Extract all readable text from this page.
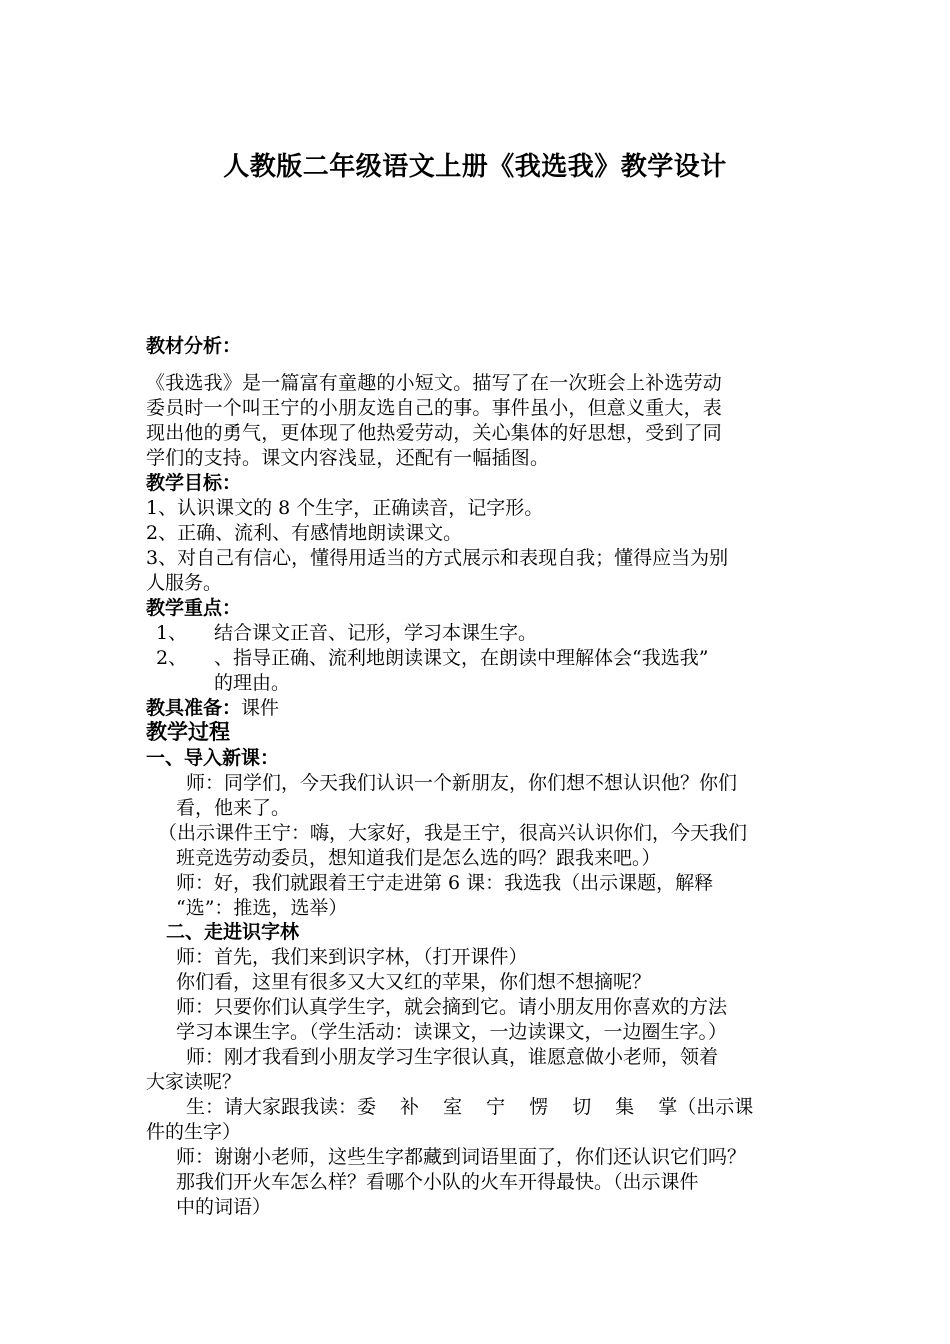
人教版二年级语文上册《我选我》教学设计
教材分析：
《我选我》是一篇富有童趣的小短文。描写了在一次班会上补选劳动
委员时一个叫王宁的小朋友选自己的事。事件虽小，但意义重大，表
现出他的勇气，更体现了他热爱劳动，关心集体的好思想，受到了同
学们的支持。课文内容浅显，还配有一幅插图。
教学目标：
1、认识课文的 8 个生字，正确读音，记字形。
2、正确、流利、有感情地朗读课文。
3、对自己有信心，懂得用适当的方式展示和表现自我；懂得应当为别
人服务。
教学重点：
1、 结合课文正音、记形，学习本课生字。
2、 、指导正确、流利地朗读课文，在朗读中理解体会“我选我”
的理由。
教具准备：课件
教学过程
一、导入新课：
师：同学们，今天我们认识一个新朋友，你们想不想认识他？你们
看，他来了。
（出示课件王宁：嗨，大家好，我是王宁，很高兴认识你们，今天我们
班竞选劳动委员，想知道我们是怎么选的吗？跟我来吧。）
师：好，我们就跟着王宁走进第 6 课：我选我（出示课题，解释
“选”：推选，选举）
二、走进识字林
师：首先，我们来到识字林，（打开课件）
你们看，这里有很多又大又红的苹果，你们想不想摘呢？
师：只要你们认真学生字，就会摘到它。请小朋友用你喜欢的方法
学习本课生字。（学生活动：读课文，一边读课文，一边圈生字。）
师：刚才我看到小朋友学习生字很认真，谁愿意做小老师，领着
大家读呢？
生：请大家跟我读：委 补 室 宁 愣 切 集 掌（出示课
件的生字）
师：谢谢小老师，这些生字都藏到词语里面了，你们还认识它们吗？
那我们开火车怎么样？看哪个小队的火车开得最快。（出示课件
中的词语）
